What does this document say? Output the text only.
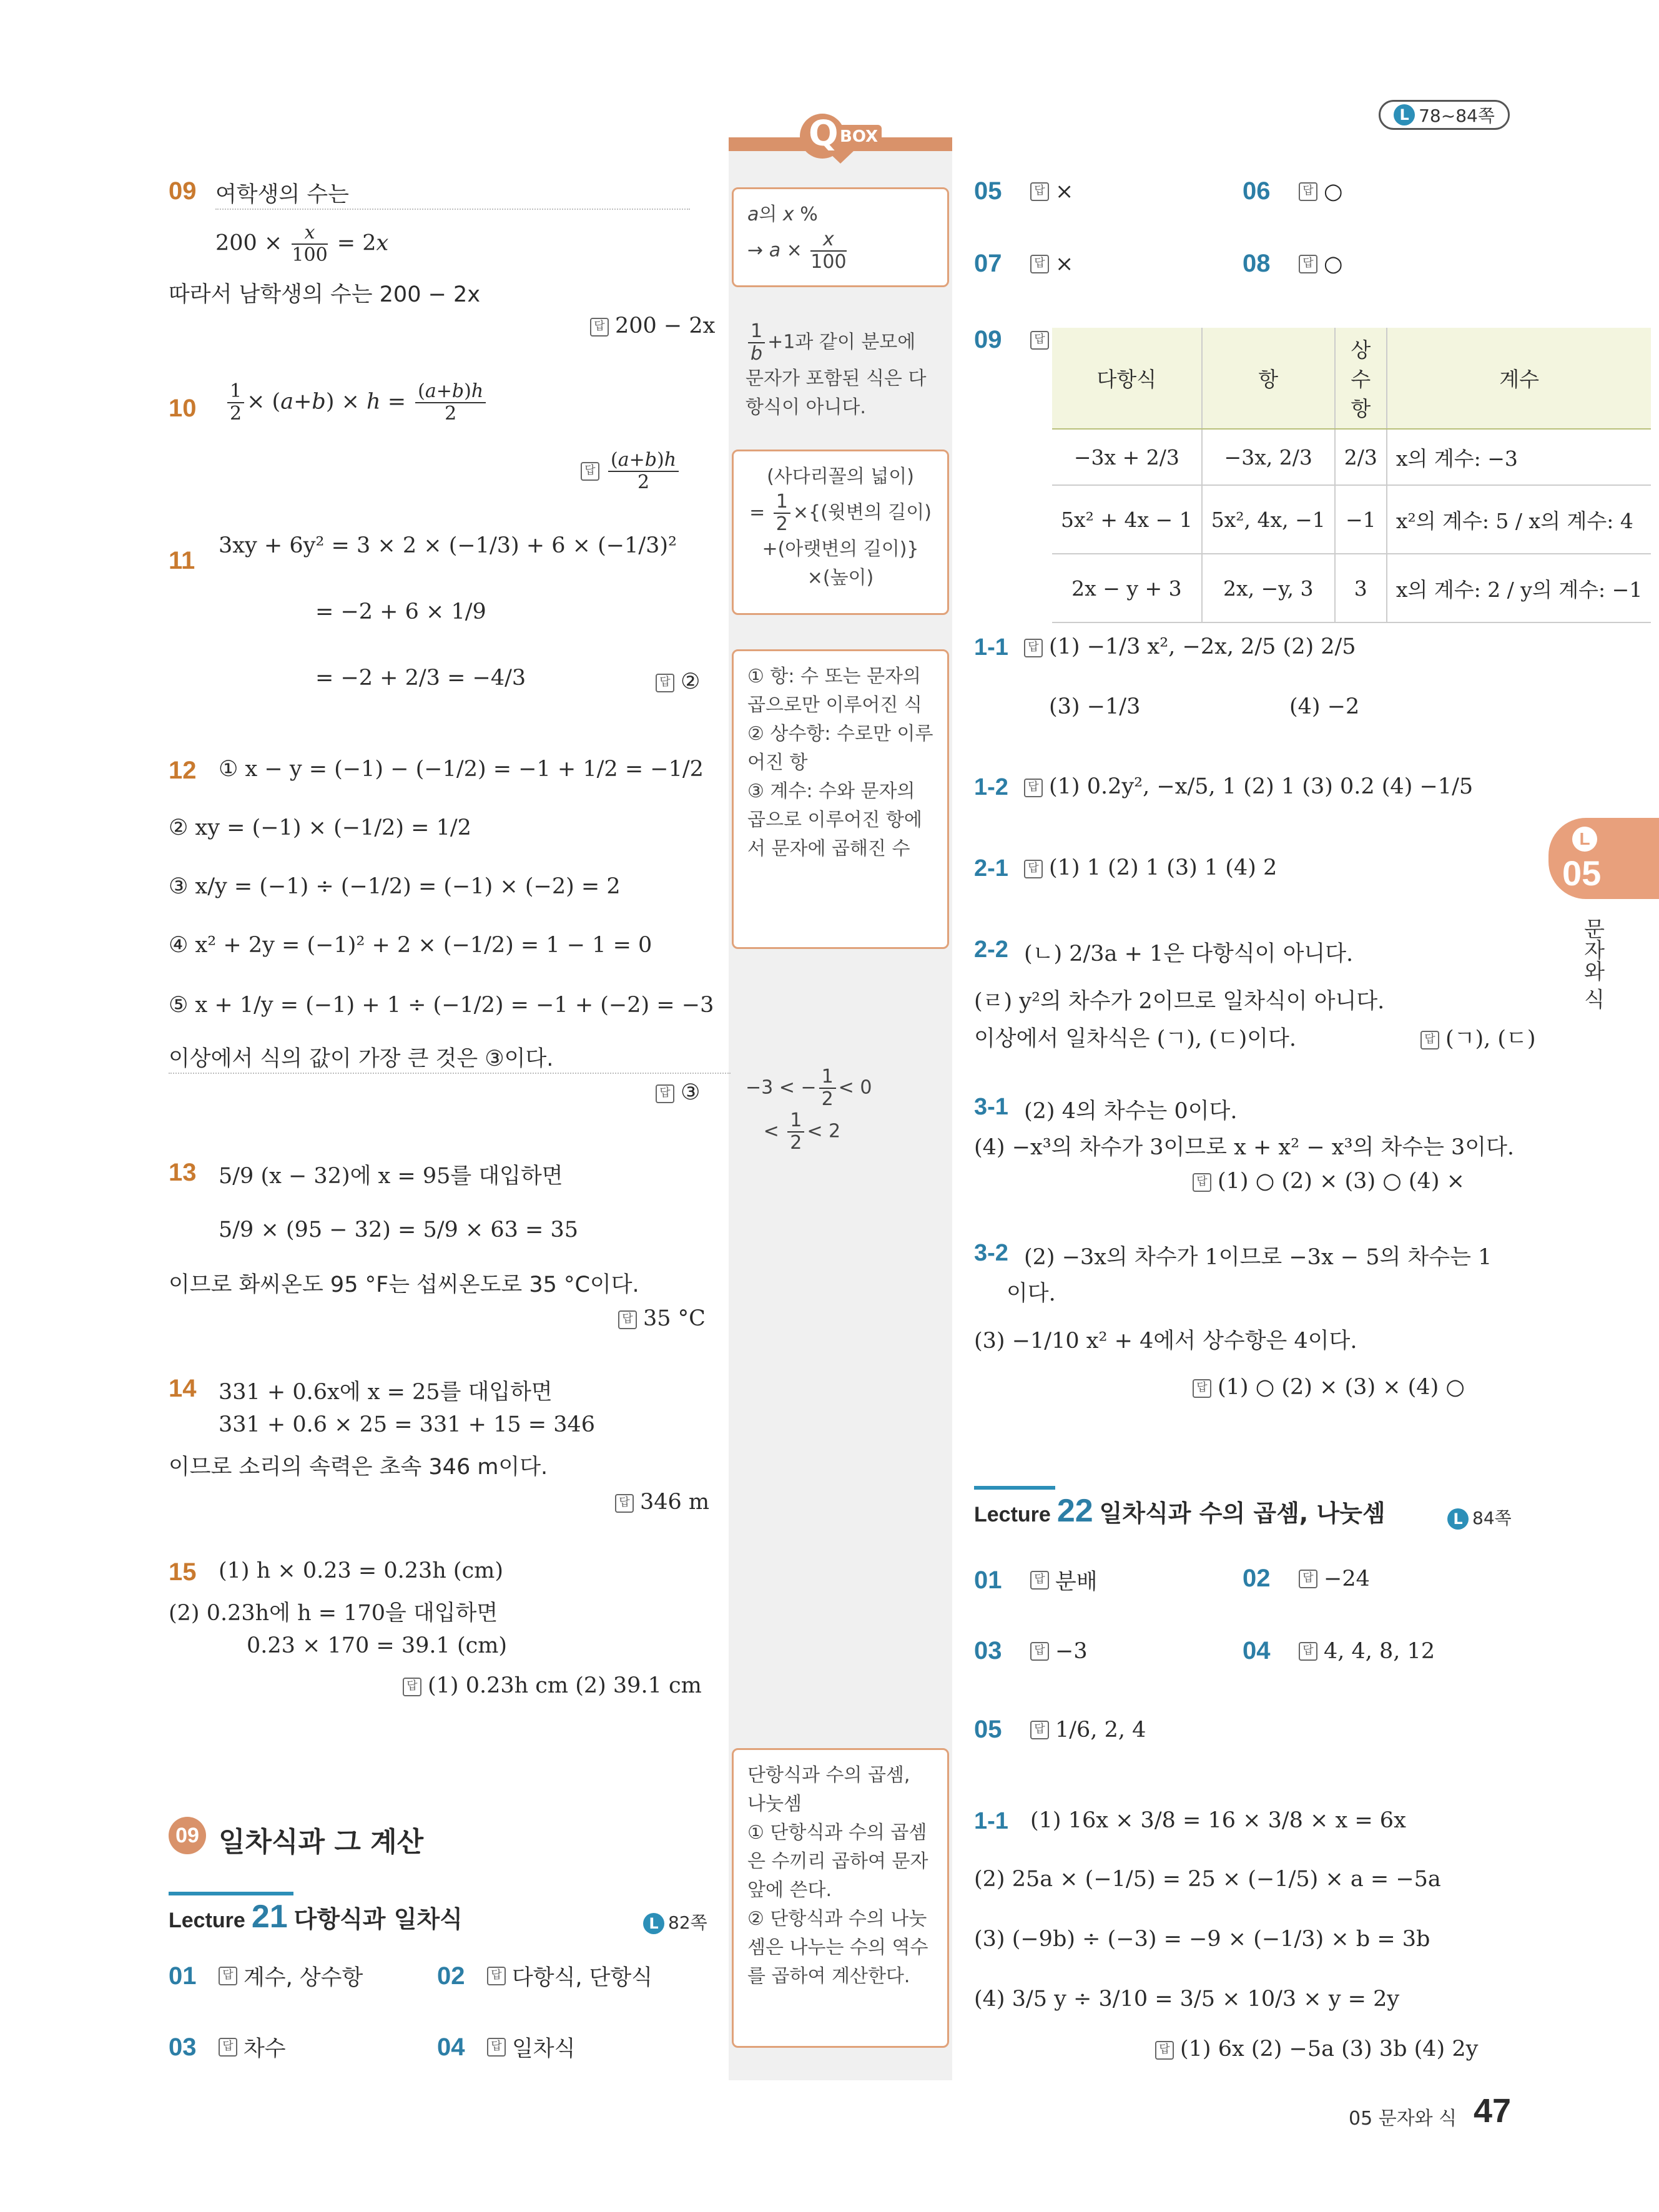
L 78~84쪽
Q BOX
a의 x %
→ $a \times \frac{x}{100}$
$\frac{1}{b} +1$과 같이 분모에 문자가 포함된 식은 다항식이 아니다.
(사다리꼴의 넓이)
= $\frac{1}{2}$ ×{(윗변의 길이)
+(아랫변의 길이)}
×(높이)
① 항: 수 또는 문자의 곱으로만 이루어진 식
② 상수항: 수로만 이루어진 항
③ 계수: 수와 문자의 곱으로 이루어진 항에서 문자에 곱해진 수
−3 < − $\frac{1}{2} < 0$
< $\frac{1}{2} < 2$
단항식과 수의 곱셈, 나눗셈
① 단항식과 수의 곱셈은 수끼리 곱하여 문자 앞에 쓴다.
② 단항식과 수의 나눗셈은 나누는 수의 역수를 곱하여 계산한다.
09 여학생의 수는
$200 \times \frac{x}{100} = 2x$
따라서 남학생의 수는 200 − 2x
답 200 − 2x
$10 \frac{1}{2} \times (a+b) \times h = \frac{(a+b)h}{2}$
답 $\frac{(a+b)h}{2}$
11
3xy + 6y² = 3 × 2 × (−1/3) + 6 × (−1/3)²
= −2 + 6 × 1/9
= −2 + 2/3 = −4/3	답 ②
12 ① x − y = (−1) − (−1/2) = −1 + 1/2 = −1/2
② xy = (−1) × (−1/2) = 1/2
③ x/y = (−1) ÷ (−1/2) = (−1) × (−2) = 2
④ x² + 2y = (−1)² + 2 × (−1/2) = 1 − 1 = 0
⑤ x + 1/y = (−1) + 1 ÷ (−1/2) = −1 + (−2) = −3
이상에서 식의 값이 가장 큰 것은 ③이다.
답 ③
13 5/9 (x − 32)에 x = 95를 대입하면
5/9 × (95 − 32) = 5/9 × 63 = 35
이므로 화씨온도 95 °F는 섭씨온도로 35 °C이다.
답 35 °C
14 331 + 0.6x에 x = 25를 대입하면
331 + 0.6 × 25 = 331 + 15 = 346
이므로 소리의 속력은 초속 346 m이다.
답 346 m
15 (1) h × 0.23 = 0.23h (cm)
(2) 0.23h에 h = 170을 대입하면
0.23 × 170 = 39.1 (cm)
답 (1) 0.23h cm (2) 39.1 cm
09 일차식과 그 계산
Lecture 21 다항식과 일차식	L 82쪽
01	답 계수, 상수항	02	답 다항식, 단항식
03	답 차수	04	답 일차식
05	답 ×	06	답 ○
07	답 ×	08	답 ○
09	답
다항식	항	상수항	계수
−3x + 2/3	−3x, 2/3	2/3	x의 계수: −3
5x² + 4x − 1	5x², 4x, −1	−1	x²의 계수: 5 / x의 계수: 4
2x − y + 3	2x, −y, 3	3	x의 계수: 2 / y의 계수: −1
1-1	답 (1) −1/3 x², −2x, 2/5 (2) 2/5
(3) −1/3	(4) −2
1-2	답 (1) 0.2y², −x/5, 1 (2) 1 (3) 0.2 (4) −1/5
2-1	답 (1) 1 (2) 1 (3) 1 (4) 2
2-2 (ㄴ) 2/3a + 1은 다항식이 아니다.
(ㄹ) y²의 차수가 2이므로 일차식이 아니다.
이상에서 일차식은 (ㄱ), (ㄷ)이다.	답 (ㄱ), (ㄷ)
3-1 (2) 4의 차수는 0이다.
(4) −x³의 차수가 3이므로 x + x² − x³의 차수는 3이다.
답 (1) ○ (2) × (3) ○ (4) ×
3-2 (2) −3x의 차수가 1이므로 −3x − 5의 차수는 1
이다.
(3) −1/10 x² + 4에서 상수항은 4이다.
답 (1) ○ (2) × (3) × (4) ○
Lecture 22 일차식과 수의 곱셈, 나눗셈	L 84쪽
01	답 분배	02	답 −24
03	답 −3	04	답 4, 4, 8, 12
05	답 1/6, 2, 4
1-1 (1) 16x × 3/8 = 16 × 3/8 × x = 6x
(2) 25a × (−1/5) = 25 × (−1/5) × a = −5a
(3) (−9b) ÷ (−3) = −9 × (−1/3) × b = 3b
(4) 3/5 y ÷ 3/10 = 3/5 × 10/3 × y = 2y
답 (1) 6x (2) −5a (3) 3b (4) 2y
L
05
문자와 식
05 문자와 식 47
